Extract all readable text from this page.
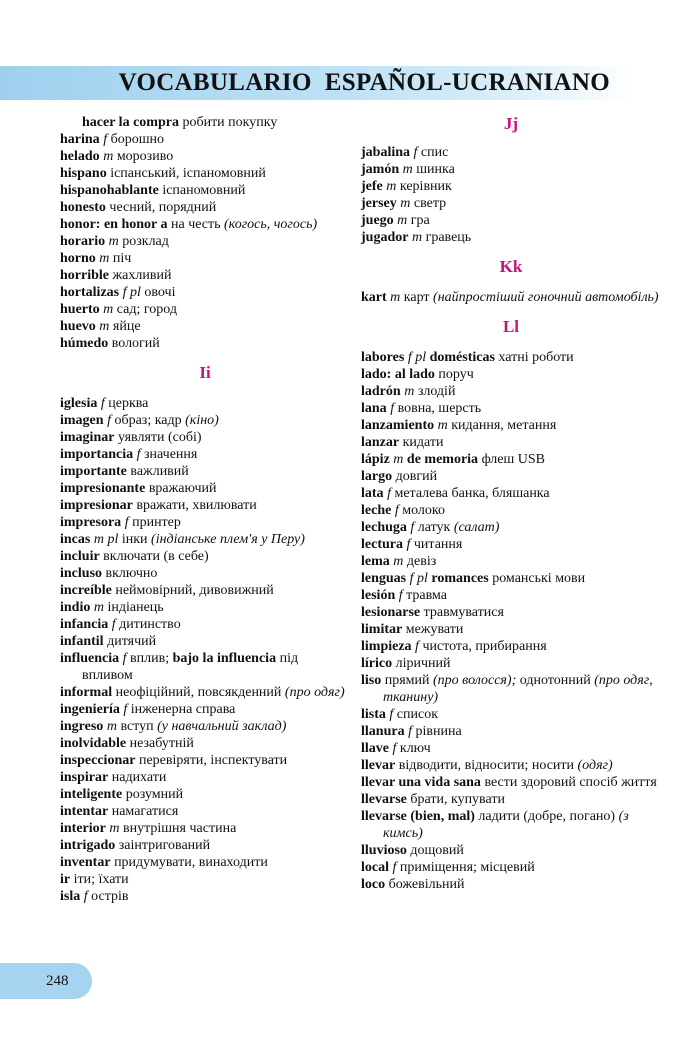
VOCABULARIO  ESPAÑOL-UCRANIANO
hacer la compra робити покупку
harina f борошно
helado m морозиво
hispano іспанський, іспаномовний
hispanohablante іспаномовний
honesto чесний, порядний
honor: en honor a на честь (когось, чогось)
horario m розклад
horno m піч
horrible жахливий
hortalizas f pl овочі
huerto m сад; город
huevo m яйце
húmedo вологий
Ii
iglesia f церква
imagen f образ; кадр (кіно)
imaginar уявляти (собі)
importancia f значення
importante важливий
impresionante вражаючий
impresionar вражати, хвилювати
impresora f принтер
incas m pl інки (індіанське плем'я у Перу)
incluir включати (в себе)
incluso включно
increíble неймовірний, дивовижний
indio m індіанець
infancia f дитинство
infantil дитячий
influencia f вплив; bajo la influencia під впливом
informal неофіційний, повсякденний (про одяг)
ingeniería f інженерна справа
ingreso m вступ (у навчальний заклад)
inolvidable незабутній
inspeccionar перевіряти, інспектувати
inspirar надихати
inteligente розумний
intentar намагатися
interior m внутрішня частина
intrigado заінтригований
inventar придумувати, винаходити
ir іти; їхати
isla f острів
Jj
jabalina f спис
jamón m шинка
jefe m керівник
jersey m светр
juego m гра
jugador m гравець
Kk
kart m карт (найпростіший гоночний автомобіль)
Ll
labores f pl domésticas хатні роботи
lado: al lado поруч
ladrón m злодій
lana f вовна, шерсть
lanzamiento m кидання, метання
lanzar кидати
lápiz m de memoria флеш USB
largo довгий
lata f металева банка, бляшанка
leche f молоко
lechuga f латук (салат)
lectura f читання
lema m девіз
lenguas f pl romances романські мови
lesión f травма
lesionarse травмуватися
limitar межувати
limpieza f чистота, прибирання
lírico ліричний
liso прямий (про волосся); однотонний (про одяг, тканину)
lista f список
llanura f рівнина
llave f ключ
llevar відводити, відносити; носити (одяг)
llevar una vida sana вести здоровий спосіб життя
llevarse брати, купувати
llevarse (bien, mal) ладити (добре, погано) (з кимсь)
lluvioso дощовий
local f приміщення; місцевий
loco божевільний
248
